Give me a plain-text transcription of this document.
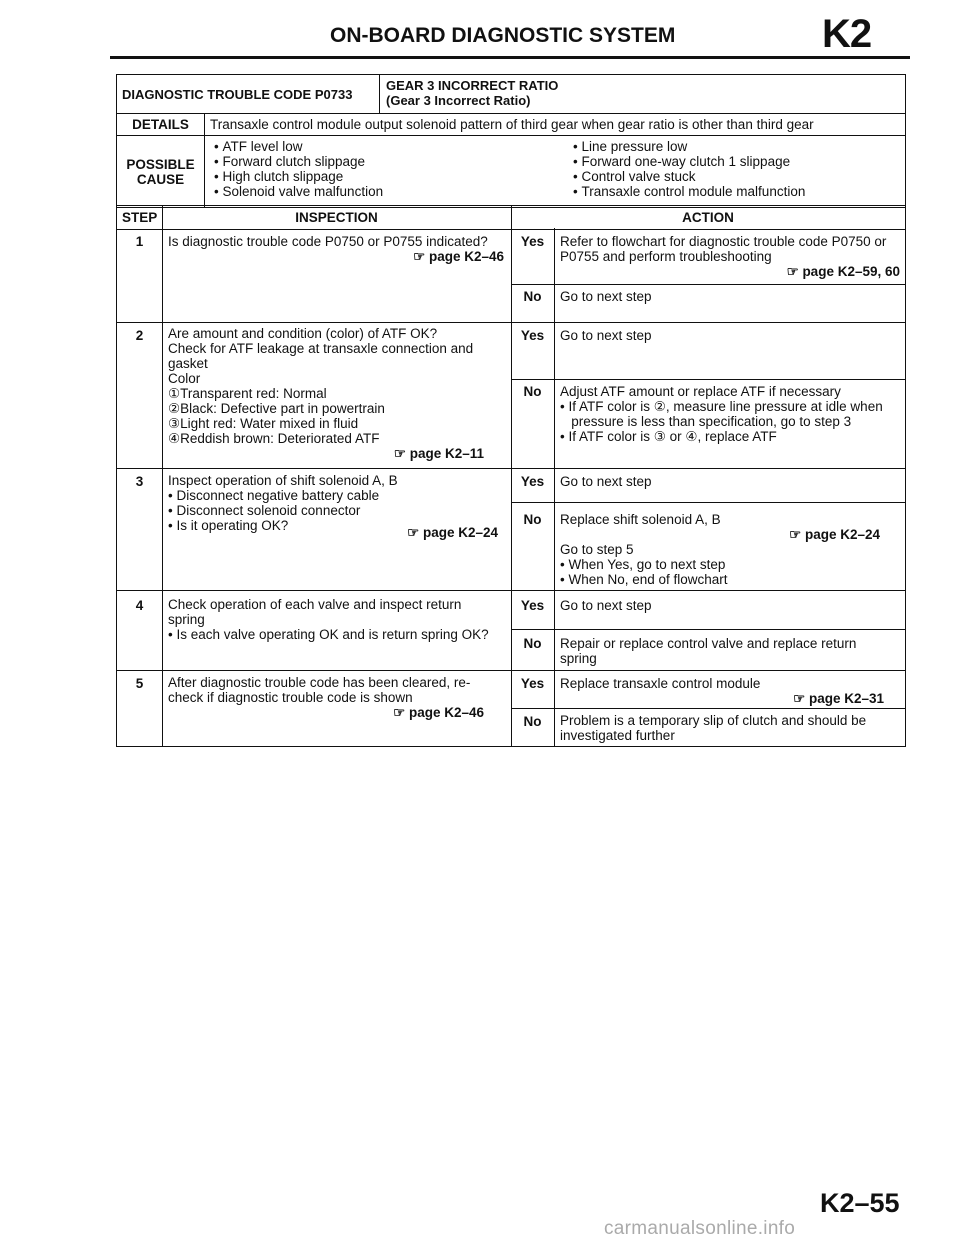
ON-BOARD DIAGNOSTIC SYSTEM	K2
DIAGNOSTIC TROUBLE CODE P0733
GEAR 3 INCORRECT RATIO
(Gear 3 Incorrect Ratio)
DETAILS	Transaxle control module output solenoid pattern of third gear when gear ratio is other than third gear
POSSIBLE
CAUSE
• ATF level low
• Forward clutch slippage
• High clutch slippage
• Solenoid valve malfunction
• Line pressure low
• Forward one-way clutch 1 slippage
• Control valve stuck
• Transaxle control module malfunction
STEP	INSPECTION	ACTION
1	Is diagnostic trouble code P0750 or P0755 indicated?
☞ page K2–46
Yes	Refer to flowchart for diagnostic trouble code P0750 or
P0755 and perform troubleshooting
☞ page K2–59, 60
No	Go to next step
2	Are amount and condition (color) of ATF OK?
Check for ATF leakage at transaxle connection and
gasket
Color
①Transparent red: Normal
②Black: Defective part in powertrain
③Light red: Water mixed in fluid
④Reddish brown: Deteriorated ATF
☞ page K2–11
Yes	Go to next step
No	Adjust ATF amount or replace ATF if necessary
• If ATF color is ②, measure line pressure at idle when
pressure is less than specification, go to step 3
• If ATF color is ③ or ④, replace ATF
3	Inspect operation of shift solenoid A, B
• Disconnect negative battery cable
• Disconnect solenoid connector
• Is it operating OK?
☞	page K2–24
Yes	Go to next step
No	Replace shift solenoid A, B
☞ page K2–24
Go to step 5
• When Yes, go to next step
• When No, end of flowchart
4	Check operation of each valve and inspect return
spring
• Is each valve operating OK and is return spring OK?
Yes	Go to next step
No	Repair or replace control valve and replace return
spring
5	After diagnostic trouble code has been cleared, re-
check if diagnostic trouble code is shown
☞ page K2–46
Yes	Replace transaxle control module
☞ page K2–31
No	Problem is a temporary slip of clutch and should be
investigated further
K2–55
carmanualsonline.info
